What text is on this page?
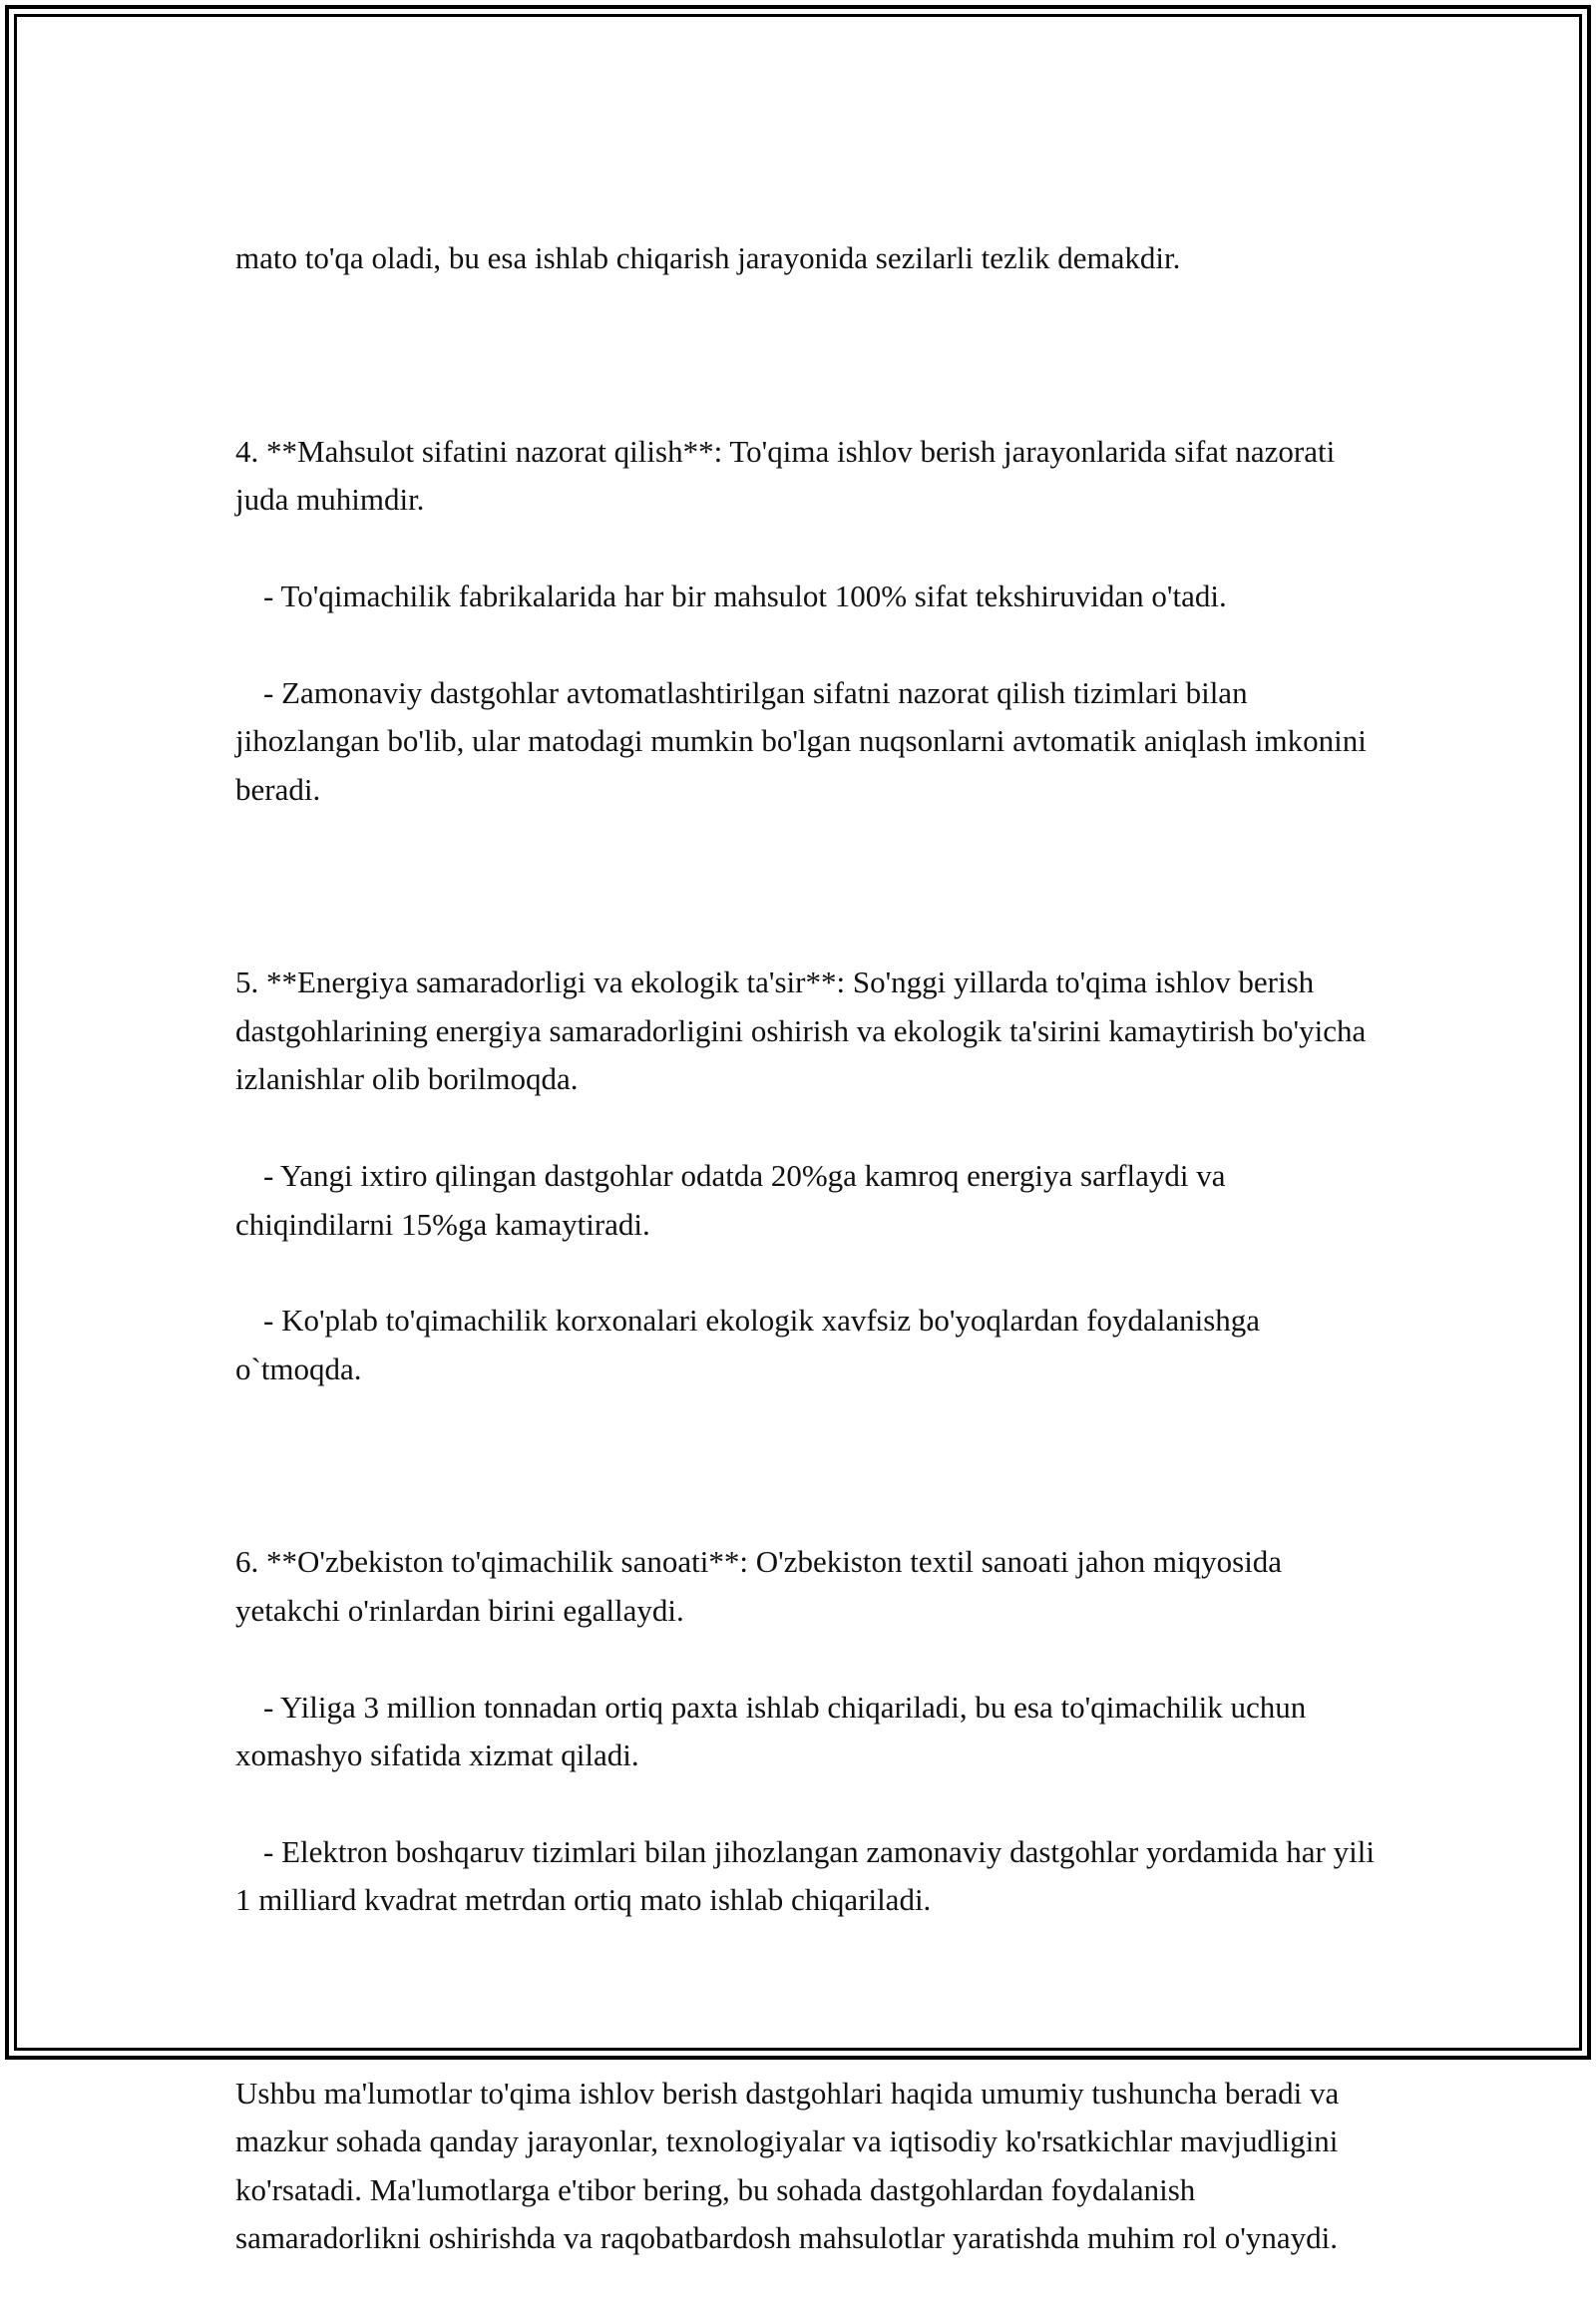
mato to'qa oladi, bu esa ishlab chiqarish jarayonida sezilarli tezlik demakdir.

4. **Mahsulot sifatini nazorat qilish**: To'qima ishlov berish jarayonlarida sifat nazorati juda muhimdir.

- To'qimachilik fabrikalarida har bir mahsulot 100% sifat tekshiruvidan o'tadi.

- Zamonaviy dastgohlar avtomatlashtirilgan sifatni nazorat qilish tizimlari bilan jihozlangan bo'lib, ular matodagi mumkin bo'lgan nuqsonlarni avtomatik aniqlash imkonini beradi.

5. **Energiya samaradorligi va ekologik ta'sir**: So'nggi yillarda to'qima ishlov berish dastgohlarining energiya samaradorligini oshirish va ekologik ta'sirini kamaytirish bo'yicha izlanishlar olib borilmoqda.

- Yangi ixtiro qilingan dastgohlar odatda 20%ga kamroq energiya sarflaydi va chiqindilarni 15%ga kamaytiradi.

- Ko'plab to'qimachilik korxonalari ekologik xavfsiz bo'yoqlardan foydalanishga o`tmoqda.

6. **O'zbekiston to'qimachilik sanoati**: O'zbekiston textil sanoati jahon miqyosida yetakchi o'rinlardan birini egallaydi.

- Yiliga 3 million tonnadan ortiq paxta ishlab chiqariladi, bu esa to'qimachilik uchun xomashyo sifatida xizmat qiladi.

- Elektron boshqaruv tizimlari bilan jihozlangan zamonaviy dastgohlar yordamida har yili 1 milliard kvadrat metrdan ortiq mato ishlab chiqariladi.

Ushbu ma'lumotlar to'qima ishlov berish dastgohlari haqida umumiy tushuncha beradi va mazkur sohada qanday jarayonlar, texnologiyalar va iqtisodiy ko'rsatkichlar mavjudligini ko'rsatadi. Ma'lumotlarga e'tibor bering, bu sohada dastgohlardan foydalanish samaradorlikni oshirishda va raqobatbardosh mahsulotlar yaratishda muhim rol o'ynaydi.
